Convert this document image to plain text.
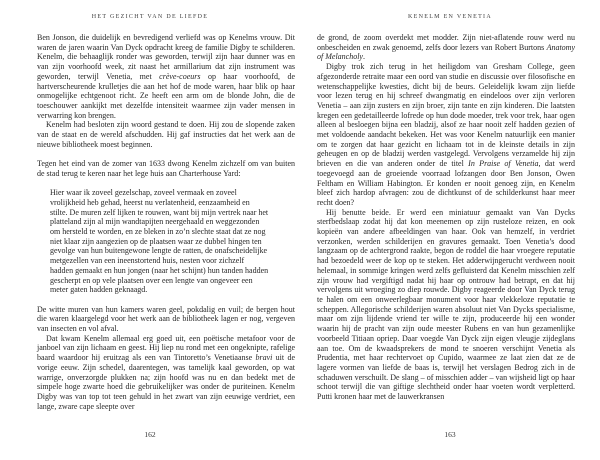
HET GEZICHT VAN DE LIEFDE

Ben Jonson, die duidelijk en bevredigend verliefd was op Kenelms vrouw. Dit waren de jaren waarin Van Dyck opdracht kreeg de familie Digby te schilderen. Kenelm, die behaaglijk ronder was geworden, terwijl zijn haar dunner was en van zijn voorhoofd week, zit naast het armillarium dat zijn instrument was geworden, terwijl Venetia, met crève-coeurs op haar voorhoofd, de hartverscheurende krulletjes die aan het hof de mode waren, haar blik op haar onmogelijke echtgenoot richt. Ze heeft een arm om de blonde John, die de toeschouwer aankijkt met dezelfde intensiteit waarmee zijn vader mensen in verwarring kon brengen.

Kenelm had besloten zijn woord gestand te doen. Hij zou de slopende zaken van de staat en de wereld afschudden. Hij gaf instructies dat het werk aan de nieuwe bibliotheek moest beginnen.

Tegen het eind van de zomer van 1633 dwong Kenelm zichzelf om van buiten de stad terug te keren naar het lege huis aan Charterhouse Yard:

Hier waar ik zoveel gezelschap, zoveel vermaak en zoveel vrolijkheid heb gehad, heerst nu verlatenheid, eenzaamheid en stilte. De muren zelf lijken te rouwen, want bij mijn vertrek naar het platteland zijn al mijn wandtapijten neergehaald en weggezonden om hersteld te worden, en ze bleken in zo’n slechte staat dat ze nog niet klaar zijn aangezien op de plaatsen waar ze dubbel hingen ten gevolge van hun buitengewone lengte de ratten, de onafscheidelijke metgezellen van een ineenstortend huis, nesten voor zichzelf hadden gemaakt en hun jongen (naar het schijnt) hun tanden hadden gescherpt en op vele plaatsen over een lengte van ongeveer een meter gaten hadden geknaagd.

De witte muren van hun kamers waren geel, pokdalig en vuil; de bergen hout die waren klaargelegd voor het werk aan de bibliotheek lagen er nog, vergeven van insecten en vol afval.

Dat kwam Kenelm allemaal erg goed uit, een poëtische metafoor voor de janboel van zijn lichaam en geest. Hij liep nu rond met een ongeknipte, rafelige baard waardoor hij eruitzag als een van Tintoretto’s Venetiaanse bravi uit de vorige eeuw. Zijn schedel, daarentegen, was tamelijk kaal geworden, op wat warrige, onverzorgde plukken na; zijn hoofd was nu en dan bedekt met de simpele hoge zwarte hoed die gebruikelijker was onder de puriteinen. Kenelm Digby was van top tot teen gehuld in het zwart van zijn eeuwige verdriet, een lange, zware cape sleepte over

162
KENELM EN VENETIA

de grond, de zoom overdekt met modder. Zijn niet-aflatende rouw werd nu onbescheiden en zwak genoemd, zelfs door lezers van Robert Burtons Anatomy of Melancholy.

Digby trok zich terug in het heiligdom van Gresham College, geen afgezonderde retraite maar een oord van studie en discussie over filosofische en wetenschappelijke kwesties, dicht bij de beurs. Geleidelijk kwam zijn liefde voor lezen terug en hij schreef dwangmatig en eindeloos over zijn verloren Venetia – aan zijn zusters en zijn broer, zijn tante en zijn kinderen. Die laatsten kregen een gedetailleerde lofrede op hun dode moeder, trek voor trek, haar ogen alleen al besloegen bijna een bladzij, alsof ze haar nooit zelf hadden gezien of met voldoende aandacht bekeken. Het was voor Kenelm natuurlijk een manier om te zorgen dat haar gezicht en lichaam tot in de kleinste details in zijn geheugen en op de bladzij werden vastgelegd. Vervolgens verzamelde hij zijn brieven en die van anderen onder de titel In Praise of Venetia, dat werd toegevoegd aan de groeiende voorraad lofzangen door Ben Jonson, Owen Feltham en William Habington. Er konden er nooit genoeg zijn, en Kenelm bleef zich hardop afvragen: zou de dichtkunst of de schilderkunst haar meer recht doen?

Hij benutte beide. Er werd een miniatuur gemaakt van Van Dycks sterfbedslaap zodat hij dat kon meenemen op zijn rusteloze reizen, en ook kopieën van andere afbeeldingen van haar. Ook van hemzelf, in verdriet verzonken, werden schilderijen en gravures gemaakt. Toen Venetia’s dood langzaam op de achtergrond raakte, begon de roddel die haar vroegere reputatie had bezoedeld weer de kop op te steken. Het adderwijngerucht verdween nooit helemaal, in sommige kringen werd zelfs gefluisterd dat Kenelm misschien zelf zijn vrouw had vergiftigd nadat hij haar op ontrouw had betrapt, en dat hij vervolgens uit wroeging zo diep rouwde. Digby reageerde door Van Dyck terug te halen om een onweerlegbaar monument voor haar vlekkeloze reputatie te scheppen. Allegorische schilderijen waren absoluut niet Van Dycks specialisme, maar om zijn lijdende vriend ter wille te zijn, produceerde hij een wonder waarin hij de pracht van zijn oude meester Rubens en van hun gezamenlijke voorbeeld Titiaan opriep. Daar voegde Van Dyck zijn eigen vleugje zijdeglans aan toe. Om de kwaadsprekers de mond te snoeren verschijnt Venetia als Prudentia, met haar rechtervoet op Cupido, waarmee ze laat zien dat ze de lagere vormen van liefde de baas is, terwijl het verslagen Bedrog zich in de schaduwen verschuilt. De slang – of misschien adder – van wijsheid ligt op haar schoot terwijl die van giftige slechtheid onder haar voeten wordt verpletterd. Putti kronen haar met de lauwerkransen

163
